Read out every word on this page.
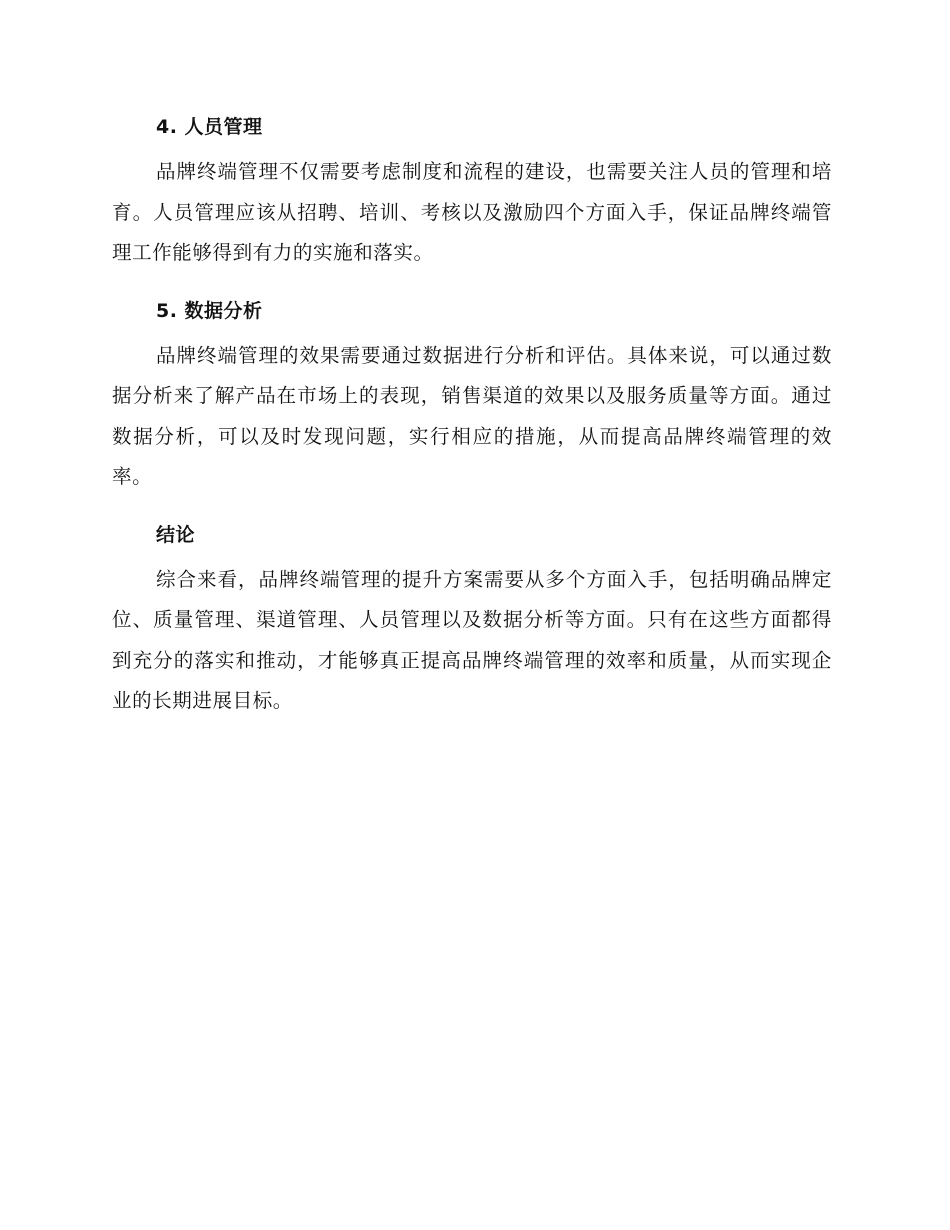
4. 人员管理

品牌终端管理不仅需要考虑制度和流程的建设，也需要关注人员的管理和培育。人员管理应该从招聘、培训、考核以及激励四个方面入手，保证品牌终端管理工作能够得到有力的实施和落实。

5. 数据分析

品牌终端管理的效果需要通过数据进行分析和评估。具体来说，可以通过数据分析来了解产品在市场上的表现，销售渠道的效果以及服务质量等方面。通过数据分析，可以及时发现问题，实行相应的措施，从而提高品牌终端管理的效率。

结论

综合来看，品牌终端管理的提升方案需要从多个方面入手，包括明确品牌定位、质量管理、渠道管理、人员管理以及数据分析等方面。只有在这些方面都得到充分的落实和推动，才能够真正提高品牌终端管理的效率和质量，从而实现企业的长期进展目标。
